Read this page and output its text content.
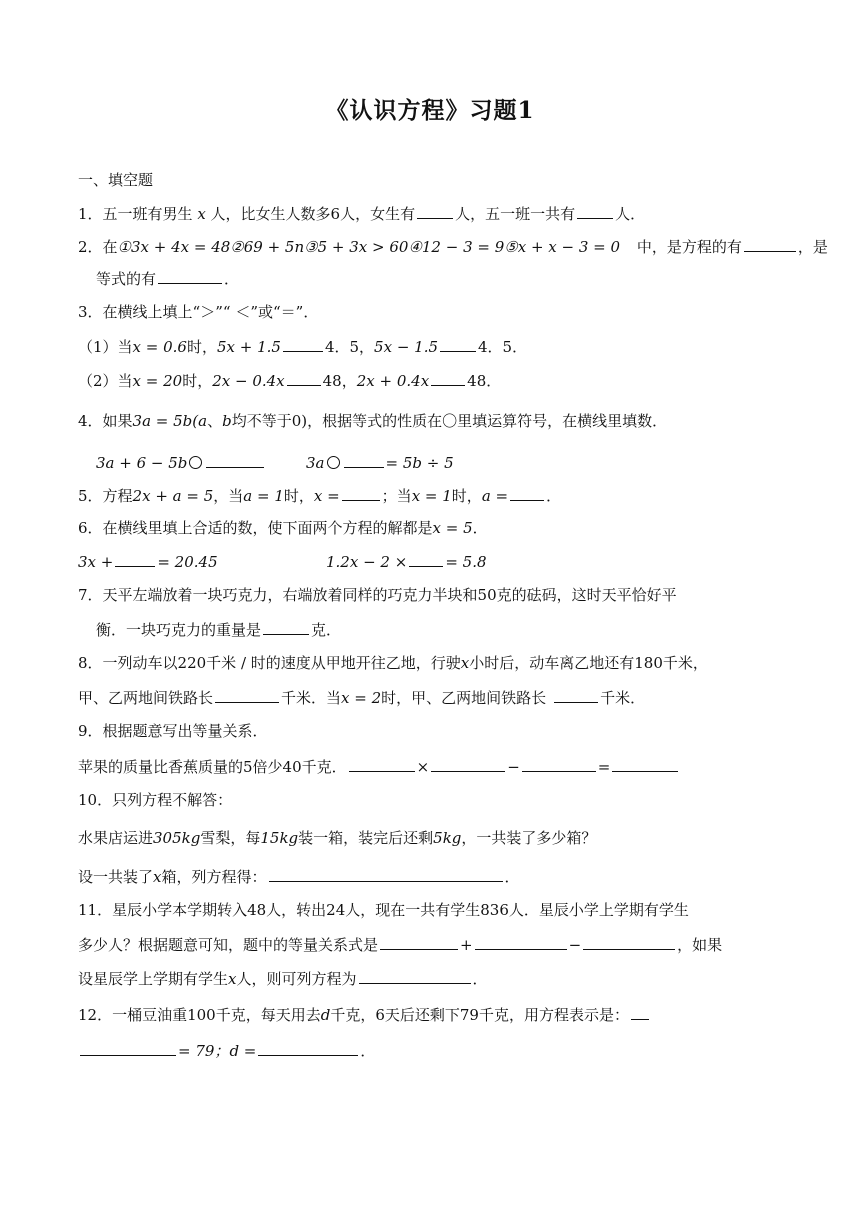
《认识方程》习题1
一、填空题
1．五一班有男生 x 人，比女生人数多6人，女生有	人，五一班一共有	人．
2．在①3x + 4x = 48②69 + 5n③5 + 3x > 60④12 − 3 = 9⑤x + x − 3 = 0 中，是方程的有	，是
等式的有	．
3．在横线上填上“＞”“ ＜”或“＝”．
（1）当x = 0.6时，5x + 1.5	4．5，5x − 1.5	4．5．
（2）当x = 20时，2x − 0.4x	48，2x + 0.4x	48．
4．如果3a = 5b(a、b均不等于0)，根据等式的性质在〇里填运算符号，在横线里填数．
3a + 6 − 5b	3a	= 5b ÷ 5
5．方程2x + a = 5，当a = 1时，x =	；当x = 1时，a =	．
6．在横线里填上合适的数，使下面两个方程的解都是x = 5．
3x +	= 20.45	1.2x − 2 ×	= 5.8
7．天平左端放着一块巧克力，右端放着同样的巧克力半块和50克的砝码，这时天平恰好平
衡．一块巧克力的重量是	克．
8．一列动车以220千米 / 时的速度从甲地开往乙地，行驶x小时后，动车离乙地还有180千米，
甲、乙两地间铁路长	千米．当x = 2时，甲、乙两地间铁路长	千米．
9．根据题意写出等量关系．
苹果的质量比香蕉质量的5倍少40千克．	×	−	=
10．只列方程不解答：
水果店运进305kg雪梨，每15kg装一箱，装完后还剩5kg，一共装了多少箱？
设一共装了x箱，列方程得：	．
11．星辰小学本学期转入48人，转出24人，现在一共有学生836人．星辰小学上学期有学生
多少人？根据题意可知，题中的等量关系式是	+	−	，如果
设星辰学上学期有学生x人，则可列方程为	．
12．一桶豆油重100千克，每天用去d千克，6天后还剩下79千克，用方程表示是：
= 79；d =	．
